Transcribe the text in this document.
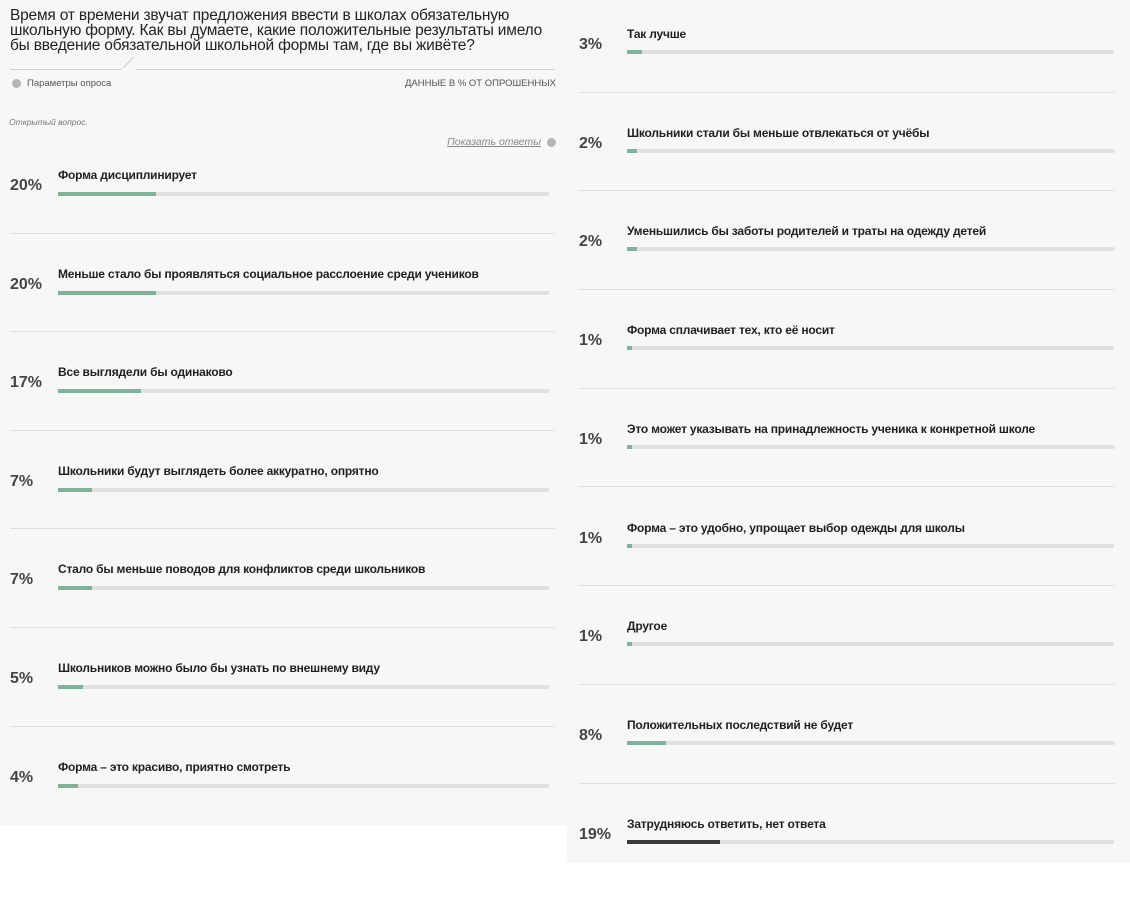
Время от времени звучат предложения ввести в школах обязательную школьную форму. Как вы думаете, какие положительные результаты имело бы введение обязательной школьной формы там, где вы живёте?
Параметры опроса	ДАННЫЕ В % ОТ ОПРОШЕННЫХ
Открытый вопрос.
Показать ответы
Форма дисциплинирует
20%
Меньше стало бы проявляться социальное расслоение среди учеников
20%
Все выглядели бы одинаково
17%
Школьники будут выглядеть более аккуратно, опрятно
7%
Стало бы меньше поводов для конфликтов среди школьников
7%
Школьников можно было бы узнать по внешнему виду
5%
Форма – это красиво, приятно смотреть
4%
Так лучше
3%
Школьники стали бы меньше отвлекаться от учёбы
2%
Уменьшились бы заботы родителей и траты на одежду детей
2%
Форма сплачивает тех, кто её носит
1%
Это может указывать на принадлежность ученика к конкретной школе
1%
Форма – это удобно, упрощает выбор одежды для школы
1%
Другое
1%
Положительных последствий не будет
8%
Затрудняюсь ответить, нет ответа
19%
